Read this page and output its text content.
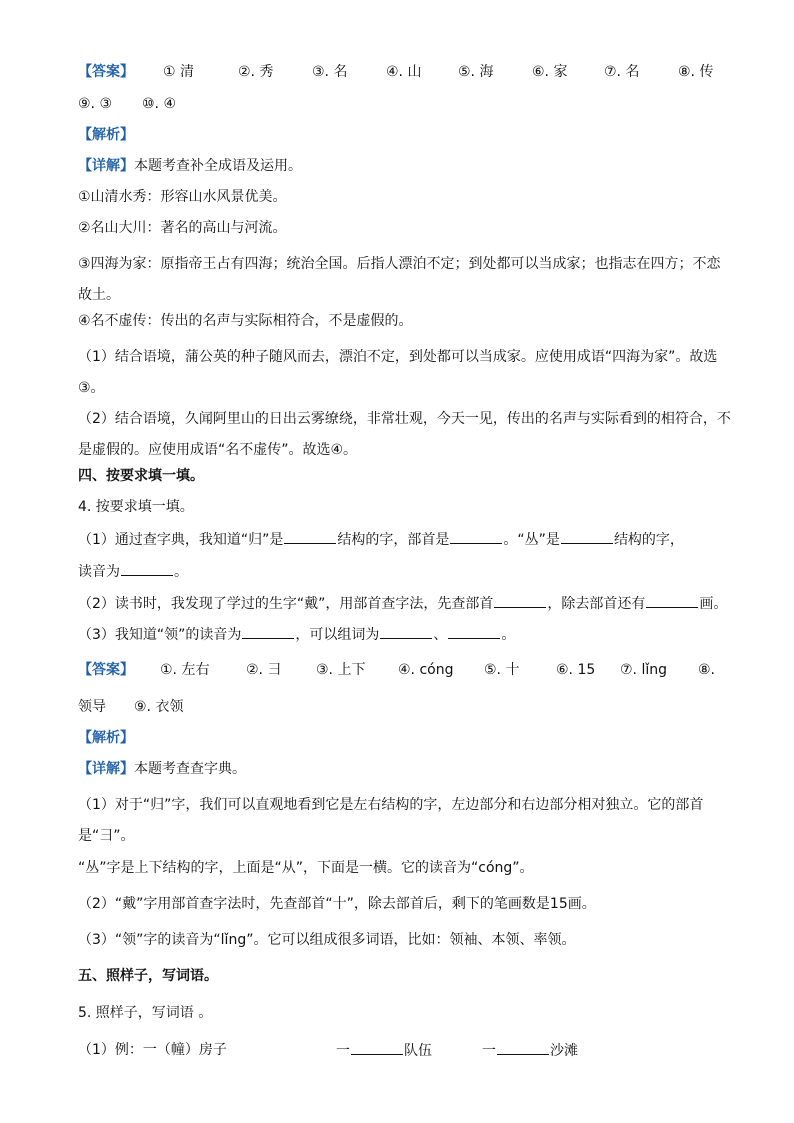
【答案】 ① 清	②. 秀	③. 名	④. 山	⑤. 海	⑥. 家	⑦. 名	⑧. 传
⑨. ③ ⑩. ④
【解析】
【详解】本题考查补全成语及运用。
①山清水秀：形容山水风景优美。
②名山大川：著名的高山与河流。
③四海为家：原指帝王占有四海；统治全国。后指人漂泊不定；到处都可以当成家；也指志在四方；不恋故土。
④名不虚传：传出的名声与实际相符合，不是虚假的。
（1）结合语境，蒲公英的种子随风而去，漂泊不定，到处都可以当成家。应使用成语“四海为家”。故选③。
（2）结合语境，久闻阿里山的日出云雾缭绕，非常壮观，今天一见，传出的名声与实际看到的相符合，不是虚假的。应使用成语“名不虚传”。故选④。
四、按要求填一填。
4. 按要求填一填。
（1）通过查字典，我知道“归”是	结构的字，部首是	。“丛”是	结构的字，
读音为	。
（2）读书时，我发现了学过的生字“戴”，用部首查字法，先查部首	，除去部首还有	画。
（3）我知道“领”的读音为	，可以组词为	、	。
【答案】 ①. 左右	②. 彐 ③. 上下 ④. cóng ⑤. 十	⑥. 15 ⑦. lǐng ⑧.
领导 ⑨. 衣领
【解析】
【详解】本题考查查字典。
（1）对于“归”字，我们可以直观地看到它是左右结构的字，左边部分和右边部分相对独立。它的部首是“彐”。
“丛”字是上下结构的字，上面是“从”，下面是一横。它的读音为“cóng”。
（2）“戴”字用部首查字法时，先查部首“十”，除去部首后，剩下的笔画数是15画。
（3）“领”字的读音为“lǐng”。它可以组成很多词语，比如：领袖、本领、率领。
五、照样子，写词语。
5. 照样子，写词语 。
（1）例：一（幢）房子	一	队伍	一	沙滩
